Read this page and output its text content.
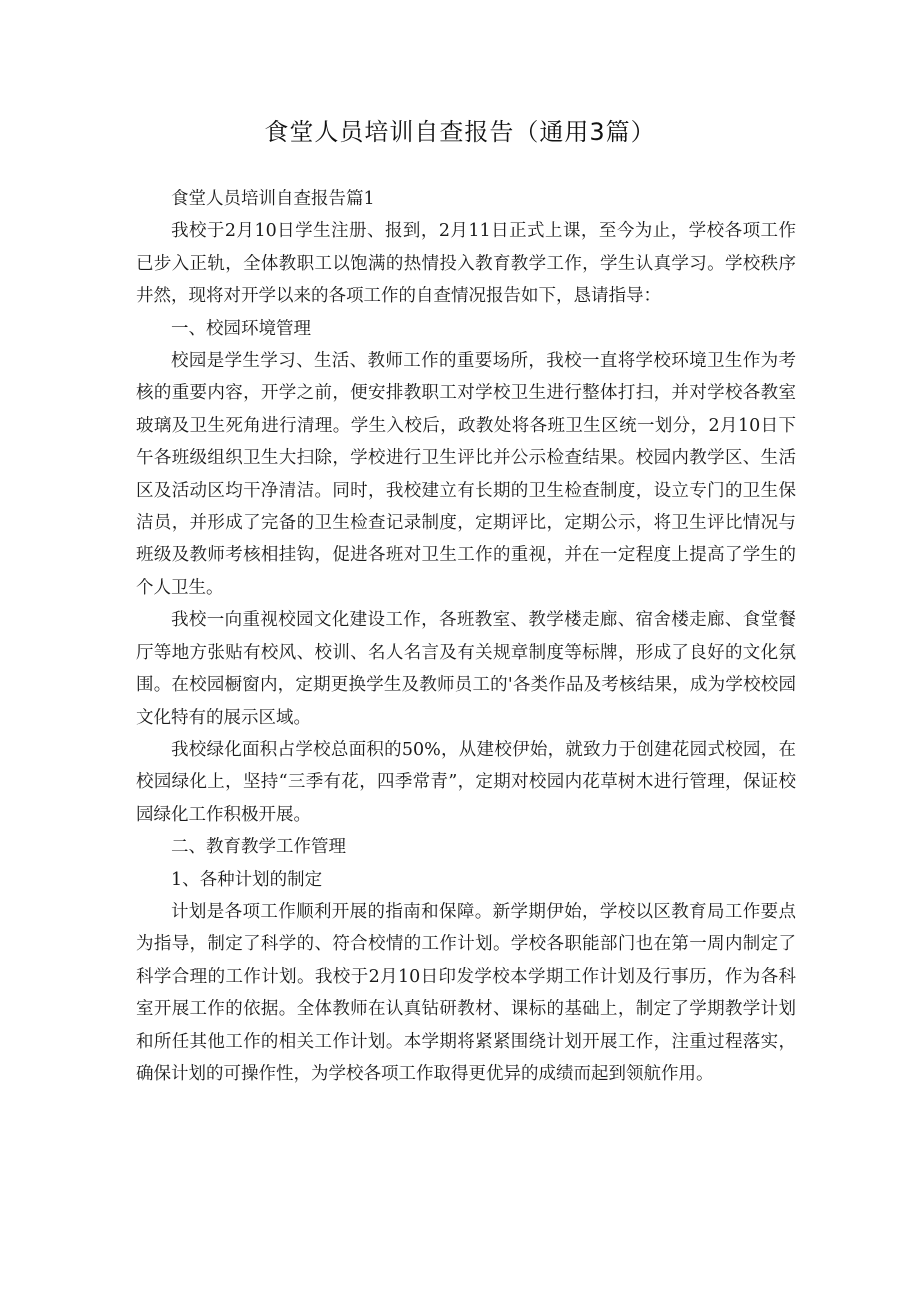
食堂人员培训自查报告（通用3篇）

食堂人员培训自查报告篇1

我校于2月10日学生注册、报到，2月11日正式上课，至今为止，学校各项工作已步入正轨，全体教职工以饱满的热情投入教育教学工作，学生认真学习。学校秩序井然，现将对开学以来的各项工作的自查情况报告如下，恳请指导：

一、校园环境管理

校园是学生学习、生活、教师工作的重要场所，我校一直将学校环境卫生作为考核的重要内容，开学之前，便安排教职工对学校卫生进行整体打扫，并对学校各教室玻璃及卫生死角进行清理。学生入校后，政教处将各班卫生区统一划分，2月10日下午各班级组织卫生大扫除，学校进行卫生评比并公示检查结果。校园内教学区、生活区及活动区均干净清洁。同时，我校建立有长期的卫生检查制度，设立专门的卫生保洁员，并形成了完备的卫生检查记录制度，定期评比，定期公示，将卫生评比情况与班级及教师考核相挂钩，促进各班对卫生工作的重视，并在一定程度上提高了学生的个人卫生。

我校一向重视校园文化建设工作，各班教室、教学楼走廊、宿舍楼走廊、食堂餐厅等地方张贴有校风、校训、名人名言及有关规章制度等标牌，形成了良好的文化氛围。在校园橱窗内，定期更换学生及教师员工的'各类作品及考核结果，成为学校校园文化特有的展示区域。

我校绿化面积占学校总面积的50%，从建校伊始，就致力于创建花园式校园，在校园绿化上，坚持“三季有花，四季常青”，定期对校园内花草树木进行管理，保证校园绿化工作积极开展。

二、教育教学工作管理

1、各种计划的制定

计划是各项工作顺利开展的指南和保障。新学期伊始，学校以区教育局工作要点为指导，制定了科学的、符合校情的工作计划。学校各职能部门也在第一周内制定了科学合理的工作计划。我校于2月10日印发学校本学期工作计划及行事历，作为各科室开展工作的依据。全体教师在认真钻研教材、课标的基础上，制定了学期教学计划和所任其他工作的相关工作计划。本学期将紧紧围绕计划开展工作，注重过程落实，确保计划的可操作性，为学校各项工作取得更优异的成绩而起到领航作用。
